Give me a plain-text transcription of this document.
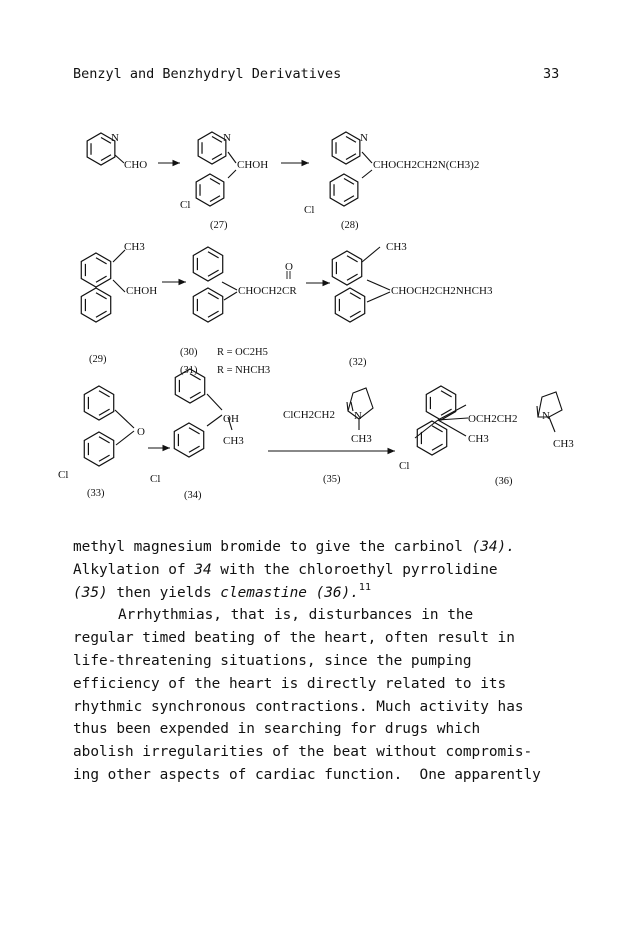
Benzyl and Benzhydryl Derivatives	33
N
CHO
N
CHOH
Cl
(27)
N
CHOCH2CH2N(CH3)2
Cl
(28)
CH3
CHOH
(29)
O
CHOCH2CR
(30) R = OC2H5
(31) R = NHCH3
CH3
CHOCH2CH2NHCH3
(32)
O
Cl
(33)
OH
CH3
Cl
(34)
ClCH2CH2 N
CH3
(35)
OCH2CH2 N
CH3	CH3
Cl
(36)
methyl magnesium bromide to give the carbinol (34).
Alkylation of 34 with the chloroethyl pyrrolidine
(35) then yields clemastine (36).$^{11}$
Arrhythmias, that is, disturbances in the
regular timed beating of the heart, often result in
life-threatening situations, since the pumping
efficiency of the heart is directly related to its
rhythmic synchronous contractions. Much activity has
thus been expended in searching for drugs which
abolish irregularities of the beat without compromis-
ing other aspects of cardiac function.  One apparently
